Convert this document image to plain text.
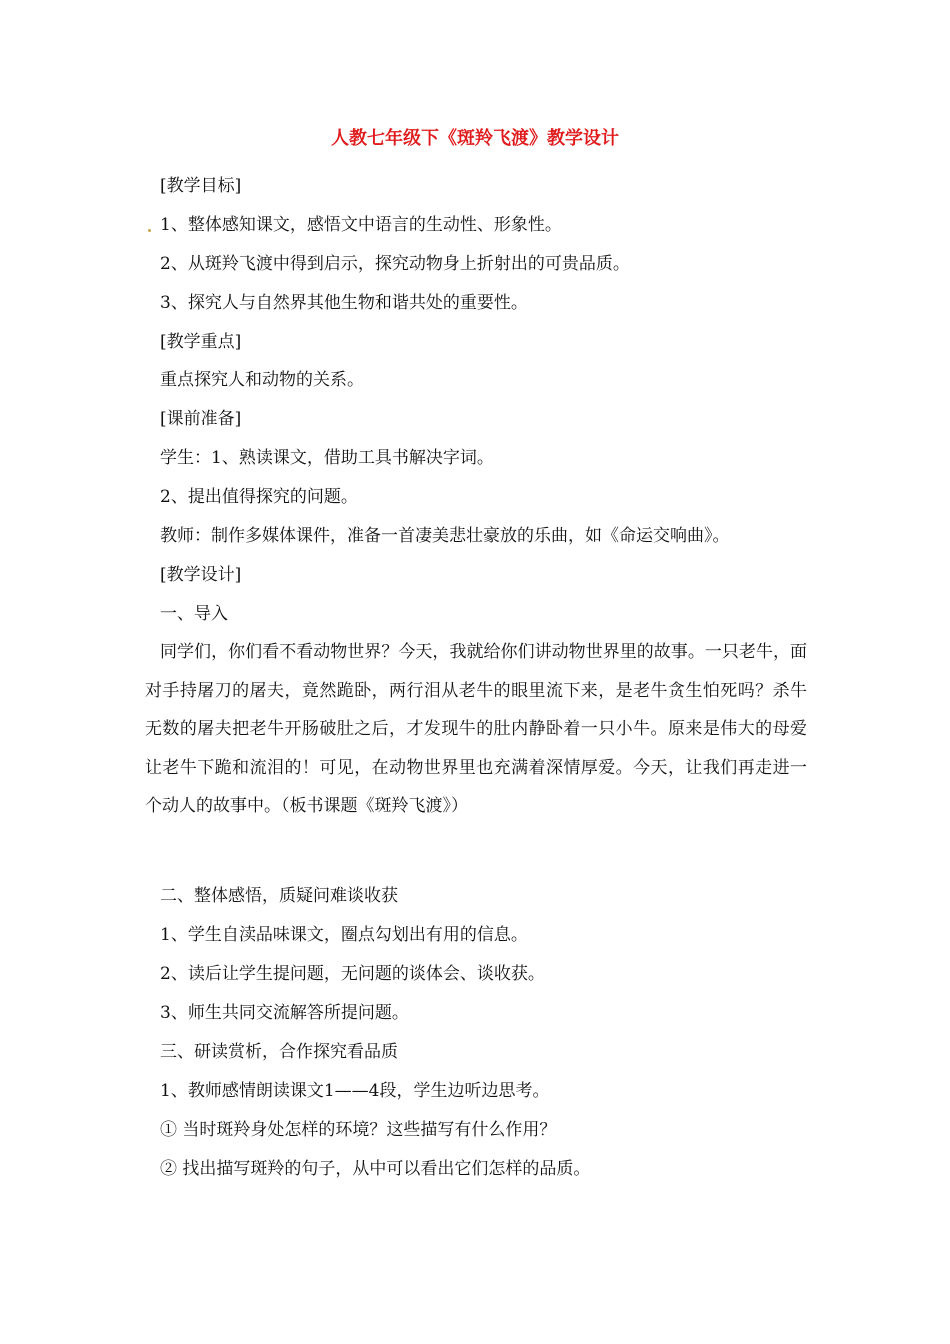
人教七年级下《斑羚飞渡》教学设计
[教学目标]
1、整体感知课文，感悟文中语言的生动性、形象性。
2、从斑羚飞渡中得到启示，探究动物身上折射出的可贵品质。
3、探究人与自然界其他生物和谐共处的重要性。
[教学重点]
重点探究人和动物的关系。
[课前准备]
学生：1、熟读课文，借助工具书解决字词。
2、提出值得探究的问题。
教师：制作多媒体课件，准备一首凄美悲壮豪放的乐曲，如《命运交响曲》。
[教学设计]
一、导入
同学们，你们看不看动物世界？今天，我就给你们讲动物世界里的故事。一只老牛，面对手持屠刀的屠夫，竟然跪卧，两行泪从老牛的眼里流下来，是老牛贪生怕死吗？杀牛无数的屠夫把老牛开肠破肚之后，才发现牛的肚内静卧着一只小牛。原来是伟大的母爱让老牛下跪和流泪的！可见，在动物世界里也充满着深情厚爱。今天，让我们再走进一个动人的故事中。（板书课题《斑羚飞渡》）
二、整体感悟，质疑问难谈收获
1、学生自渎品味课文，圈点勾划出有用的信息。
2、读后让学生提问题，无问题的谈体会、谈收获。
3、师生共同交流解答所提问题。
三、研读赏析，合作探究看品质
1、教师感情朗读课文1——4段，学生边听边思考。
① 当时斑羚身处怎样的环境？这些描写有什么作用？
② 找出描写斑羚的句子，从中可以看出它们怎样的品质。
